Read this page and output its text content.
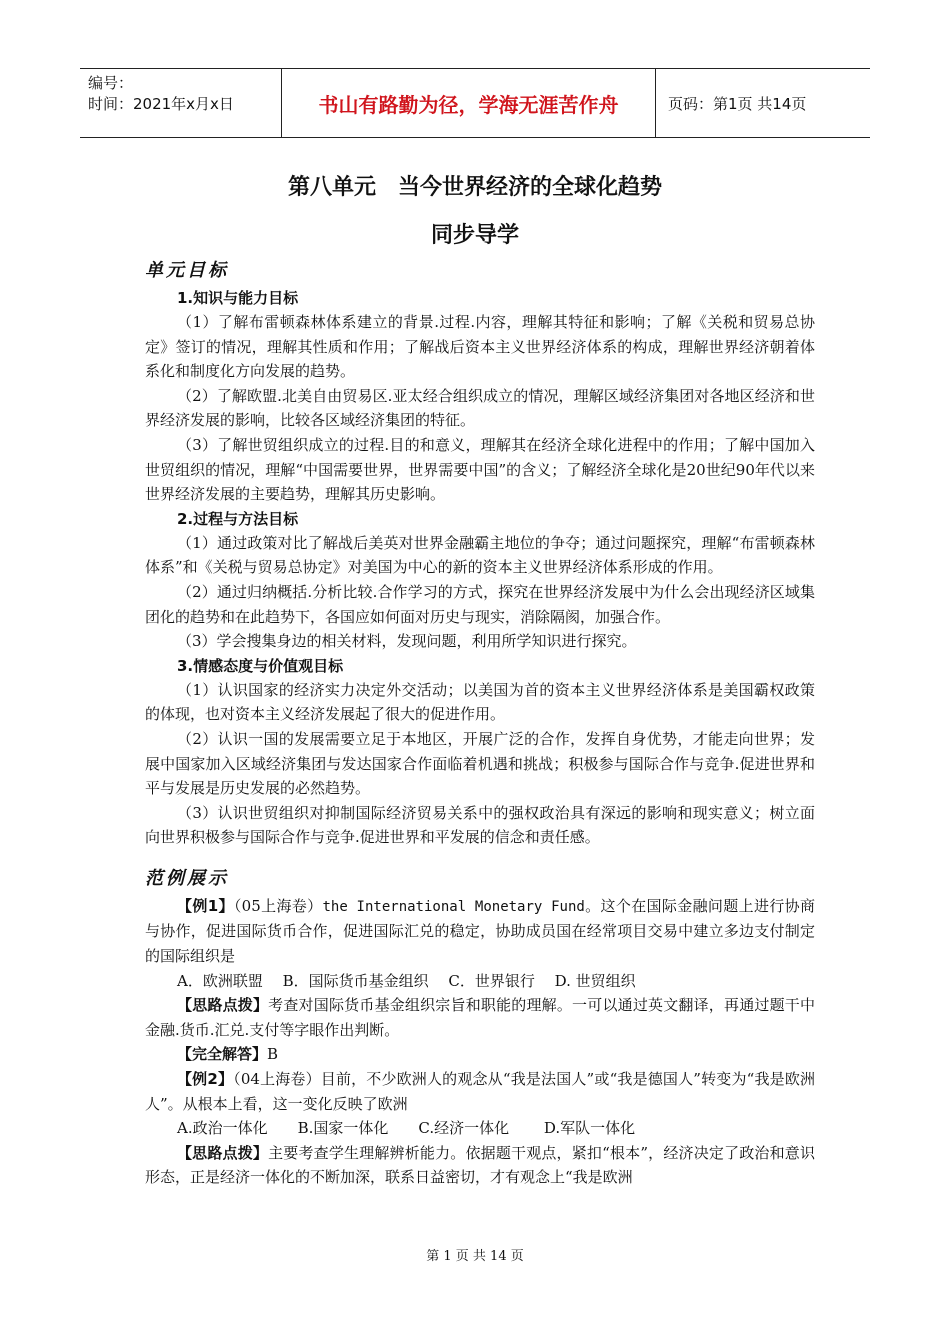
编号：
时间：2021年x月x日	书山有路勤为径，学海无涯苦作舟	页码：第1页 共14页
第八单元　当今世界经济的全球化趋势
同步导学

单元目标

1.知识与能力目标

（1）了解布雷顿森林体系建立的背景.过程.内容，理解其特征和影响；了解《关税和贸易总协定》签订的情况，理解其性质和作用；了解战后资本主义世界经济体系的构成，理解世界经济朝着体系化和制度化方向发展的趋势。

（2）了解欧盟.北美自由贸易区.亚太经合组织成立的情况，理解区域经济集团对各地区经济和世界经济发展的影响，比较各区域经济集团的特征。

（3）了解世贸组织成立的过程.目的和意义，理解其在经济全球化进程中的作用；了解中国加入世贸组织的情况，理解“中国需要世界，世界需要中国”的含义；了解经济全球化是20世纪90年代以来世界经济发展的主要趋势，理解其历史影响。

2.过程与方法目标

（1）通过政策对比了解战后美英对世界金融霸主地位的争夺；通过问题探究，理解“布雷顿森林体系”和《关税与贸易总协定》对美国为中心的新的资本主义世界经济体系形成的作用。

（2）通过归纳概括.分析比较.合作学习的方式，探究在世界经济发展中为什么会出现经济区域集团化的趋势和在此趋势下，各国应如何面对历史与现实，消除隔阂，加强合作。

（3）学会搜集身边的相关材料，发现问题，利用所学知识进行探究。

3.情感态度与价值观目标

（1）认识国家的经济实力决定外交活动；以美国为首的资本主义世界经济体系是美国霸权政策的体现，也对资本主义经济发展起了很大的促进作用。

（2）认识一国的发展需要立足于本地区，开展广泛的合作，发挥自身优势，才能走向世界；发展中国家加入区域经济集团与发达国家合作面临着机遇和挑战；积极参与国际合作与竞争.促进世界和平与发展是历史发展的必然趋势。

（3）认识世贸组织对抑制国际经济贸易关系中的强权政治具有深远的影响和现实意义；树立面向世界积极参与国际合作与竞争.促进世界和平发展的信念和责任感。

范例展示

【例1】（05上海卷）the International Monetary Fund。这个在国际金融问题上进行协商与协作，促进国际货币合作，促进国际汇兑的稳定，协助成员国在经常项目交易中建立多边支付制定的国际组织是

A．欧洲联盟　 B．国际货币基金组织　 C．世界银行　 D. 世贸组织

【思路点拨】考查对国际货币基金组织宗旨和职能的理解。一可以通过英文翻译，再通过题干中金融.货币.汇兑.支付等字眼作出判断。

【完全解答】B

【例2】（04上海卷）目前，不少欧洲人的观念从“我是法国人”或“我是德国人”转变为“我是欧洲人”。从根本上看，这一变化反映了欧洲

A.政治一体化　　B.国家一体化　　C.经济一体化　　 D.军队一体化

【思路点拨】主要考查学生理解辨析能力。依据题干观点，紧扣“根本”，经济决定了政治和意识形态，正是经济一体化的不断加深，联系日益密切，才有观念上“我是欧洲

第 1 页 共 14 页
